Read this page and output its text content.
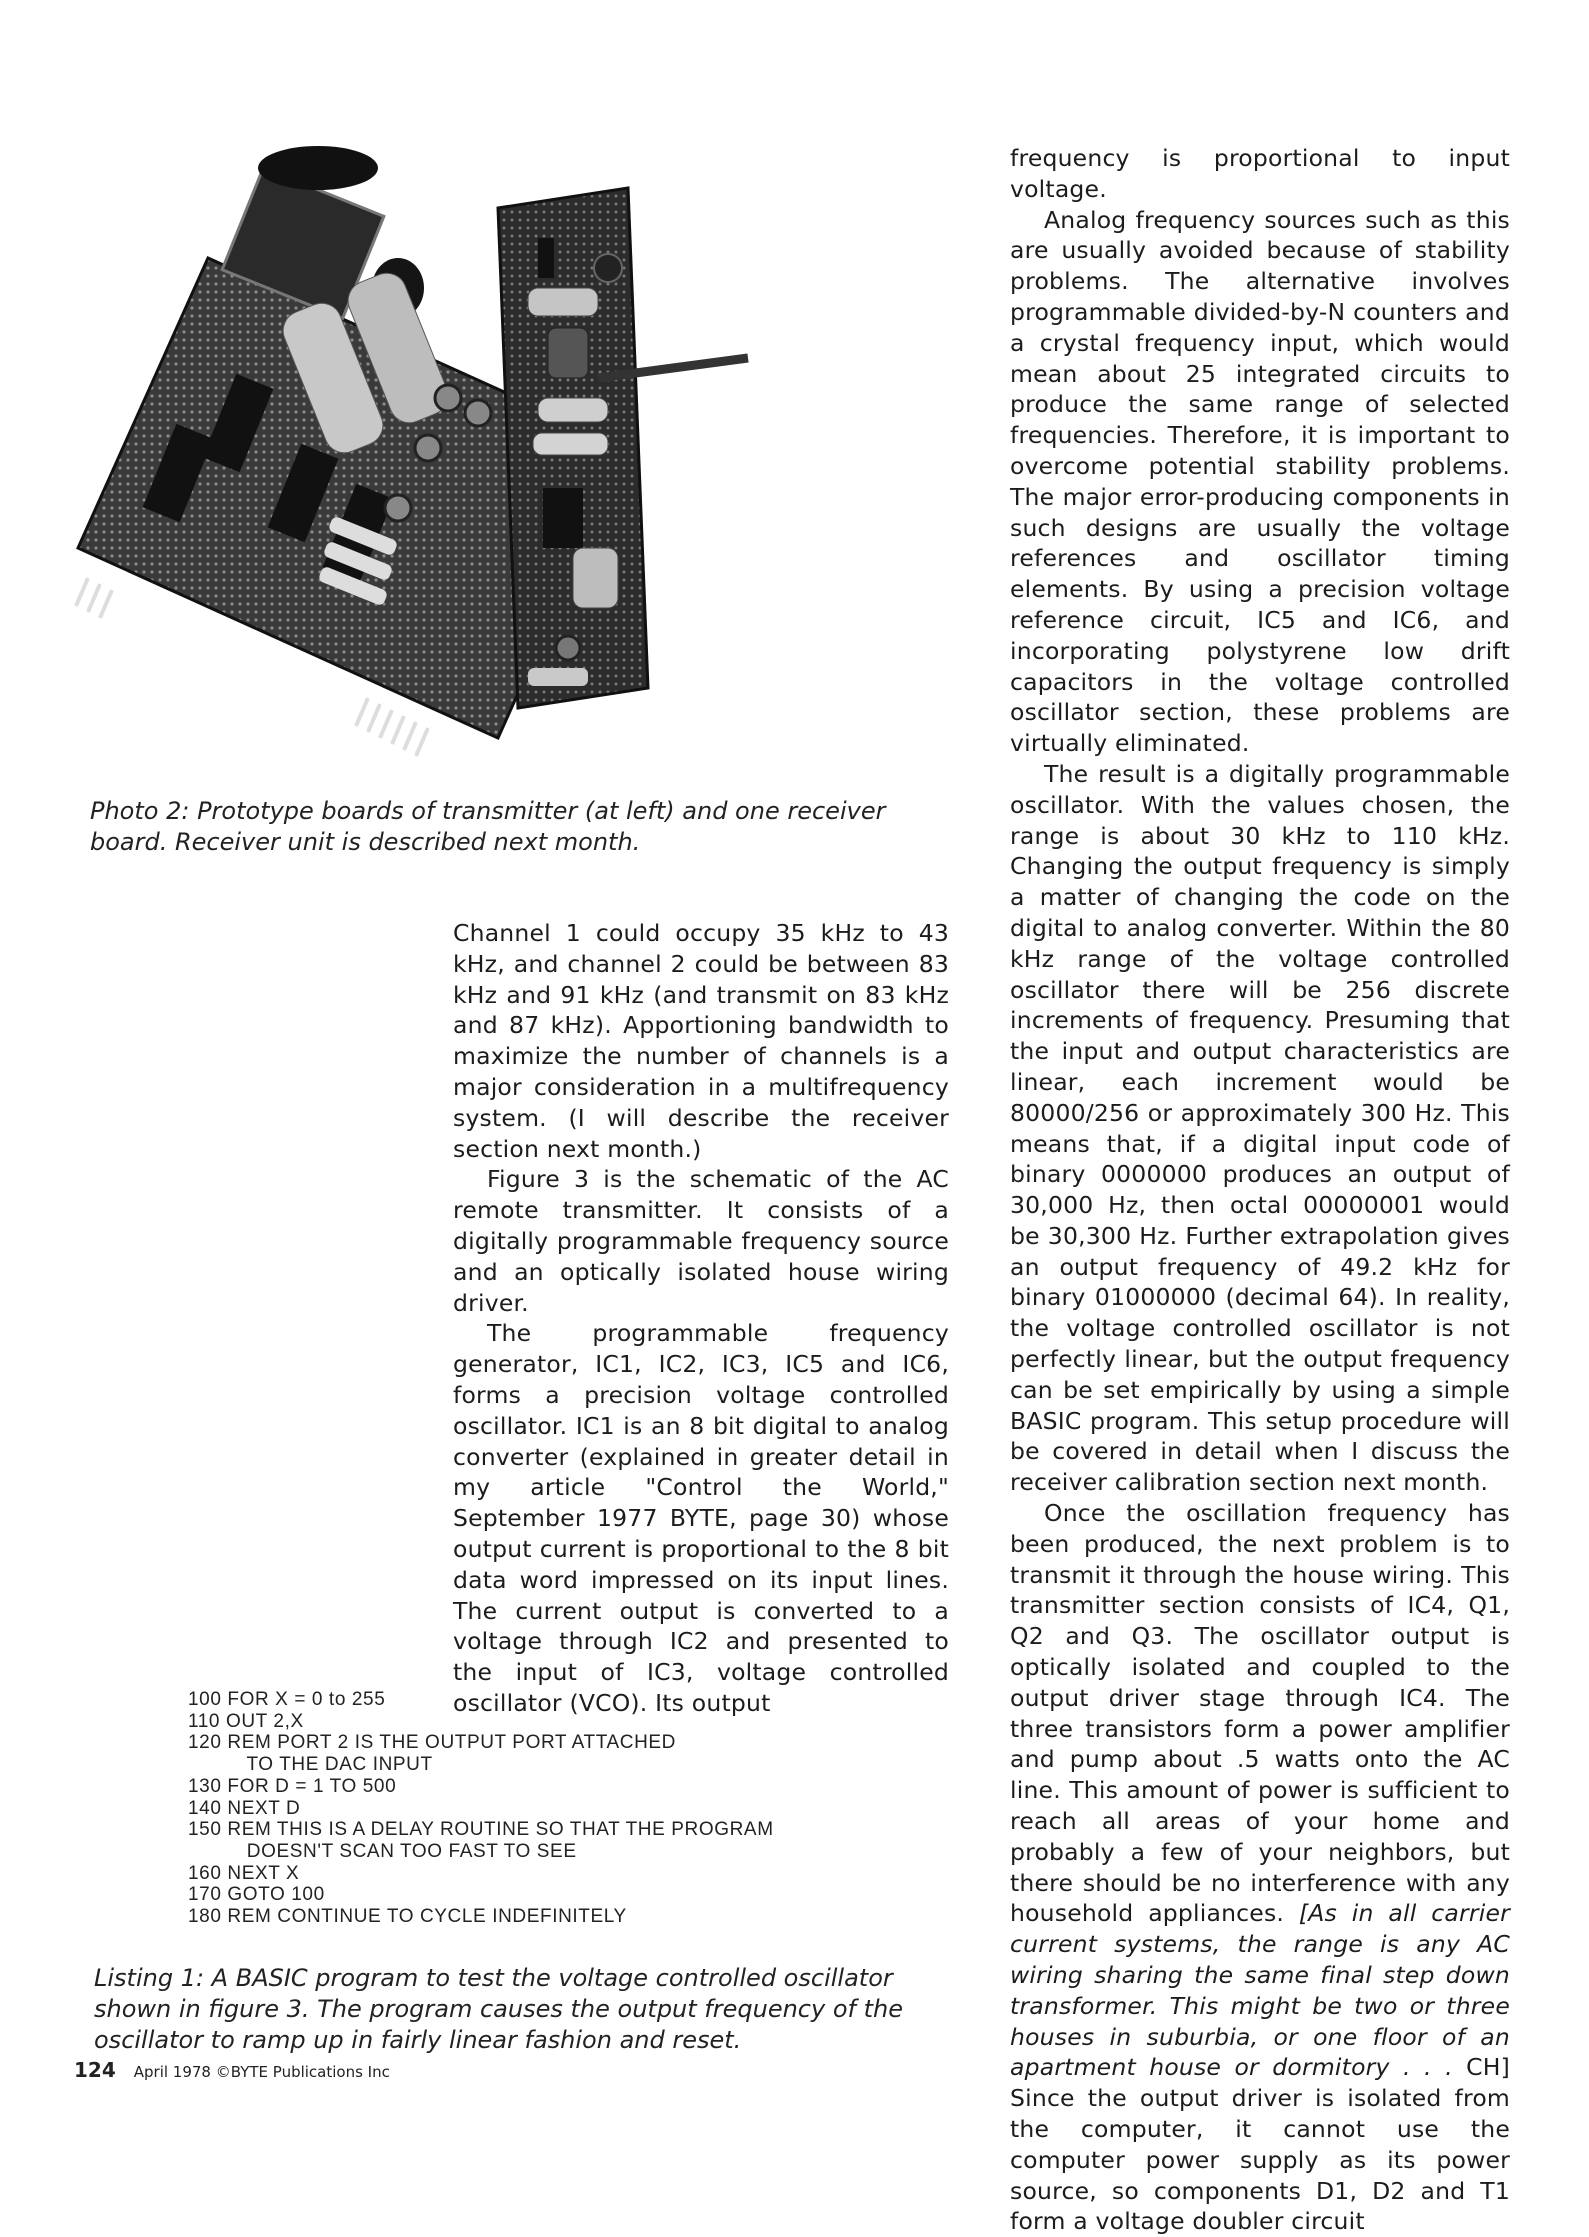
Photo 2: Prototype boards of transmitter (at left) and one receiver board. Receiver unit is described next month.

Channel 1 could occupy 35 kHz to 43 kHz, and channel 2 could be between 83 kHz and 91 kHz (and transmit on 83 kHz and 87 kHz). Apportioning bandwidth to maximize the number of channels is a major consideration in a multifrequency system. (I will describe the receiver section next month.)

Figure 3 is the schematic of the AC remote transmitter. It consists of a digitally programmable frequency source and an optically isolated house wiring driver.

The programmable frequency generator, IC1, IC2, IC3, IC5 and IC6, forms a precision voltage controlled oscillator. IC1 is an 8 bit digital to analog converter (explained in greater detail in my article "Control the World," September 1977 BYTE, page 30) whose output current is proportional to the 8 bit data word impressed on its input lines. The current output is converted to a voltage through IC2 and presented to the input of IC3, voltage controlled oscillator (VCO). Its output

100 FOR X = 0 to 255
110 OUT 2,X
120 REM PORT 2 IS THE OUTPUT PORT ATTACHED
TO THE DAC INPUT
130 FOR D = 1 TO 500
140 NEXT D
150 REM THIS IS A DELAY ROUTINE SO THAT THE PROGRAM
DOESN'T SCAN TOO FAST TO SEE
160 NEXT X
170 GOTO 100
180 REM CONTINUE TO CYCLE INDEFINITELY
Listing 1: A BASIC program to test the voltage controlled oscillator shown in figure 3. The program causes the output frequency of the oscillator to ramp up in fairly linear fashion and reset.

frequency is proportional to input voltage.

Analog frequency sources such as this are usually avoided because of stability problems. The alternative involves programmable divided-by-N counters and a crystal frequency input, which would mean about 25 integrated circuits to produce the same range of selected frequencies. Therefore, it is important to overcome potential stability problems. The major error-producing components in such designs are usually the voltage references and oscillator timing elements. By using a precision voltage reference circuit, IC5 and IC6, and incorporating polystyrene low drift capacitors in the voltage controlled oscillator section, these problems are virtually eliminated.

The result is a digitally programmable oscillator. With the values chosen, the range is about 30 kHz to 110 kHz. Changing the output frequency is simply a matter of changing the code on the digital to analog converter. Within the 80 kHz range of the voltage controlled oscillator there will be 256 discrete increments of frequency. Presuming that the input and output characteristics are linear, each increment would be 80000/256 or approximately 300 Hz. This means that, if a digital input code of binary 0000000 produces an output of 30,000 Hz, then octal 00000001 would be 30,300 Hz. Further extrapolation gives an output frequency of 49.2 kHz for binary 01000000 (decimal 64). In reality, the voltage controlled oscillator is not perfectly linear, but the output frequency can be set empirically by using a simple BASIC program. This setup procedure will be covered in detail when I discuss the receiver calibration section next month.

Once the oscillation frequency has been produced, the next problem is to transmit it through the house wiring. This transmitter section consists of IC4, Q1, Q2 and Q3. The oscillator output is optically isolated and coupled to the output driver stage through IC4. The three transistors form a power amplifier and pump about .5 watts onto the AC line. This amount of power is sufficient to reach all areas of your home and probably a few of your neighbors, but there should be no interference with any household appliances. [As in all carrier current systems, the range is any AC wiring sharing the same final step down transformer. This might be two or three houses in suburbia, or one floor of an apartment house or dormitory . . . CH] Since the output driver is isolated from the computer, it cannot use the computer power supply as its power source, so components D1, D2 and T1 form a voltage doubler circuit

124 April 1978 ©BYTE Publications Inc
